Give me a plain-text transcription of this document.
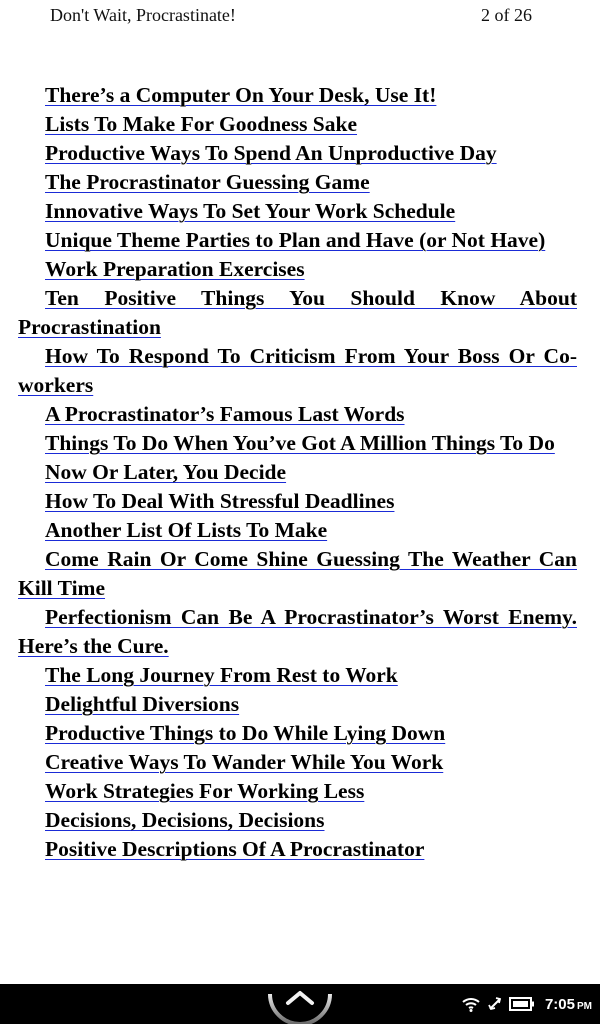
Don't Wait, Procrastinate!	2 of 26
There’s a Computer On Your Desk, Use It!
Lists To Make For Goodness Sake
Productive Ways To Spend An Unproductive Day
The Procrastinator Guessing Game
Innovative Ways To Set Your Work Schedule
Unique Theme Parties to Plan and Have (or Not Have)
Work Preparation Exercises
Ten Positive Things You Should Know About Procrastination
How To Respond To Criticism From Your Boss Or Co-workers
A Procrastinator’s Famous Last Words
Things To Do When You’ve Got A Million Things To Do
Now Or Later, You Decide
How To Deal With Stressful Deadlines
Another List Of Lists To Make
Come Rain Or Come Shine Guessing The Weather Can Kill Time
Perfectionism Can Be A Procrastinator’s Worst Enemy. Here’s the Cure.
The Long Journey From Rest to Work
Delightful Diversions
Productive Things to Do While Lying Down
Creative Ways To Wander While You Work
Work Strategies For Working Less
Decisions, Decisions, Decisions
Positive Descriptions Of A Procrastinator
7:05 PM
